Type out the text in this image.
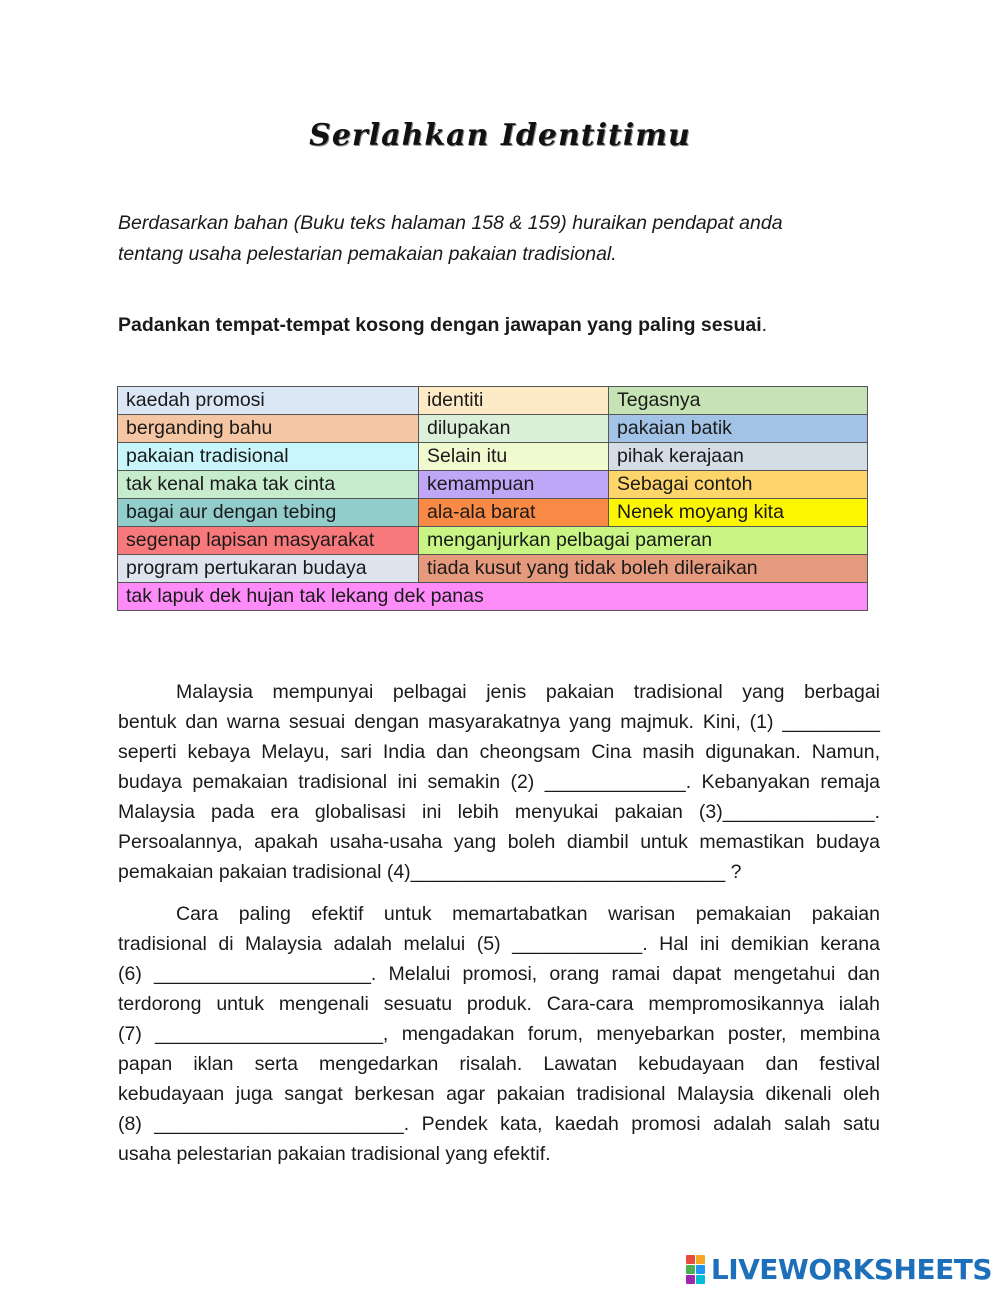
Serlahkan Identitimu
Berdasarkan bahan (Buku teks halaman 158 & 159) huraikan pendapat anda
tentang usaha pelestarian pemakaian pakaian tradisional.
Padankan tempat-tempat kosong dengan jawapan yang paling sesuai.
kaedah promosi	identiti	Tegasnya
berganding bahu	dilupakan	pakaian batik
pakaian tradisional	Selain itu	pihak kerajaan
tak kenal maka tak cinta	kemampuan	Sebagai contoh
bagai aur dengan tebing	ala-ala barat	Nenek moyang kita
segenap lapisan masyarakat	menganjurkan pelbagai pameran	
program pertukaran budaya	tiada kusut yang tidak boleh dileraikan	
tak lapuk dek hujan tak lekang dek panas		
Malaysia mempunyai pelbagai jenis pakaian tradisional yang berbagai
bentuk dan warna sesuai dengan masyarakatnya yang majmuk. Kini, (1) _________
seperti kebaya Melayu, sari India dan cheongsam Cina masih digunakan. Namun,
budaya pemakaian tradisional ini semakin (2) _____________. Kebanyakan remaja
Malaysia pada era globalisasi ini lebih menyukai pakaian (3)______________.
Persoalannya, apakah usaha-usaha yang boleh diambil untuk memastikan budaya
pemakaian pakaian tradisional (4)_____________________________ ?
Cara paling efektif untuk memartabatkan warisan pemakaian pakaian
tradisional di Malaysia adalah melalui (5) ____________. Hal ini demikian kerana
(6) ____________________. Melalui promosi, orang ramai dapat mengetahui dan
terdorong untuk mengenali sesuatu produk. Cara-cara mempromosikannya ialah
(7) _____________________, mengadakan forum, menyebarkan poster, membina
papan iklan serta mengedarkan risalah. Lawatan kebudayaan dan festival
kebudayaan juga sangat berkesan agar pakaian tradisional Malaysia dikenali oleh
(8) _______________________. Pendek kata, kaedah promosi adalah salah satu
usaha pelestarian pakaian tradisional yang efektif.
LIVEWORKSHEETS
